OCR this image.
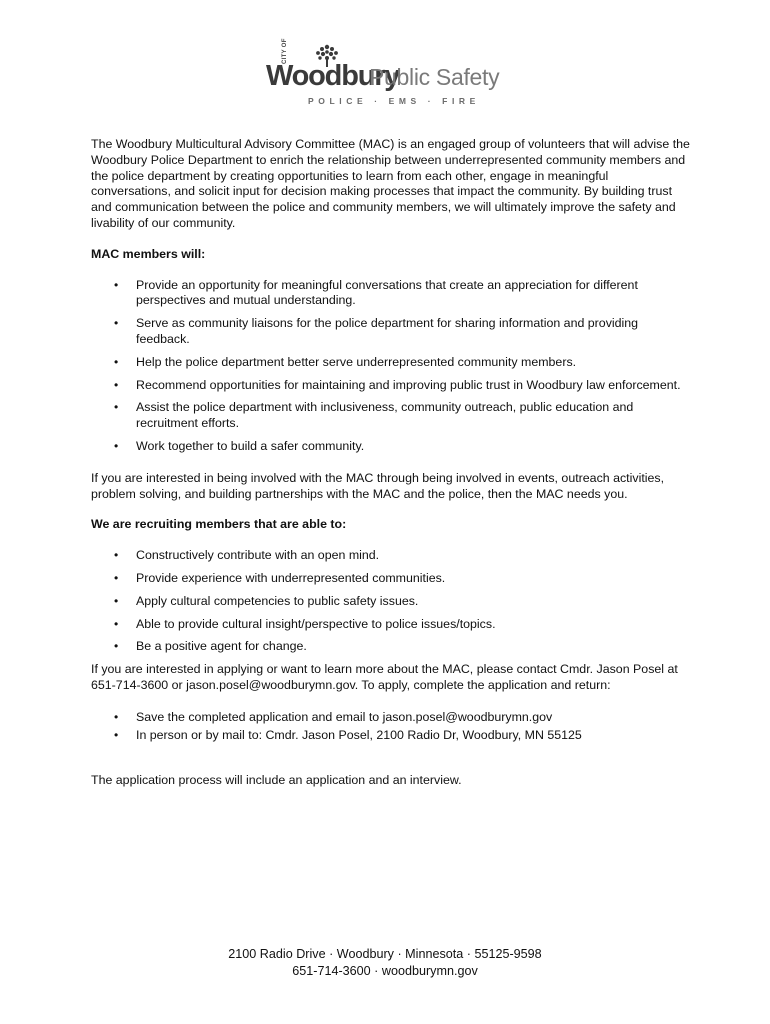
CITY OF
Woodbury
Public Safety
POLICE · EMS · FIRE

The Woodbury Multicultural Advisory Committee (MAC) is an engaged group of volunteers that will advise the Woodbury Police Department to enrich the relationship between underrepresented community members and the police department by creating opportunities to learn from each other, engage in meaningful conversations, and solicit input for decision making processes that impact the community. By building trust and communication between the police and community members, we will ultimately improve the safety and livability of our community.

MAC members will:

• Provide an opportunity for meaningful conversations that create an appreciation for different perspectives and mutual understanding.
• Serve as community liaisons for the police department for sharing information and providing feedback.
• Help the police department better serve underrepresented community members.
• Recommend opportunities for maintaining and improving public trust in Woodbury law enforcement.
• Assist the police department with inclusiveness, community outreach, public education and recruitment efforts.
• Work together to build a safer community.

If you are interested in being involved with the MAC through being involved in events, outreach activities, problem solving, and building partnerships with the MAC and the police, then the MAC needs you.

We are recruiting members that are able to:

• Constructively contribute with an open mind.
• Provide experience with underrepresented communities.
• Apply cultural competencies to public safety issues.
• Able to provide cultural insight/perspective to police issues/topics.
• Be a positive agent for change.

If you are interested in applying or want to learn more about the MAC, please contact Cmdr. Jason Posel at 651-714-3600 or jason.posel@woodburymn.gov. To apply, complete the application and return:

• Save the completed application and email to jason.posel@woodburymn.gov
• In person or by mail to: Cmdr. Jason Posel, 2100 Radio Dr, Woodbury, MN 55125

The application process will include an application and an interview.

2100 Radio Drive · Woodbury · Minnesota · 55125-9598
651-714-3600 · woodburymn.gov
